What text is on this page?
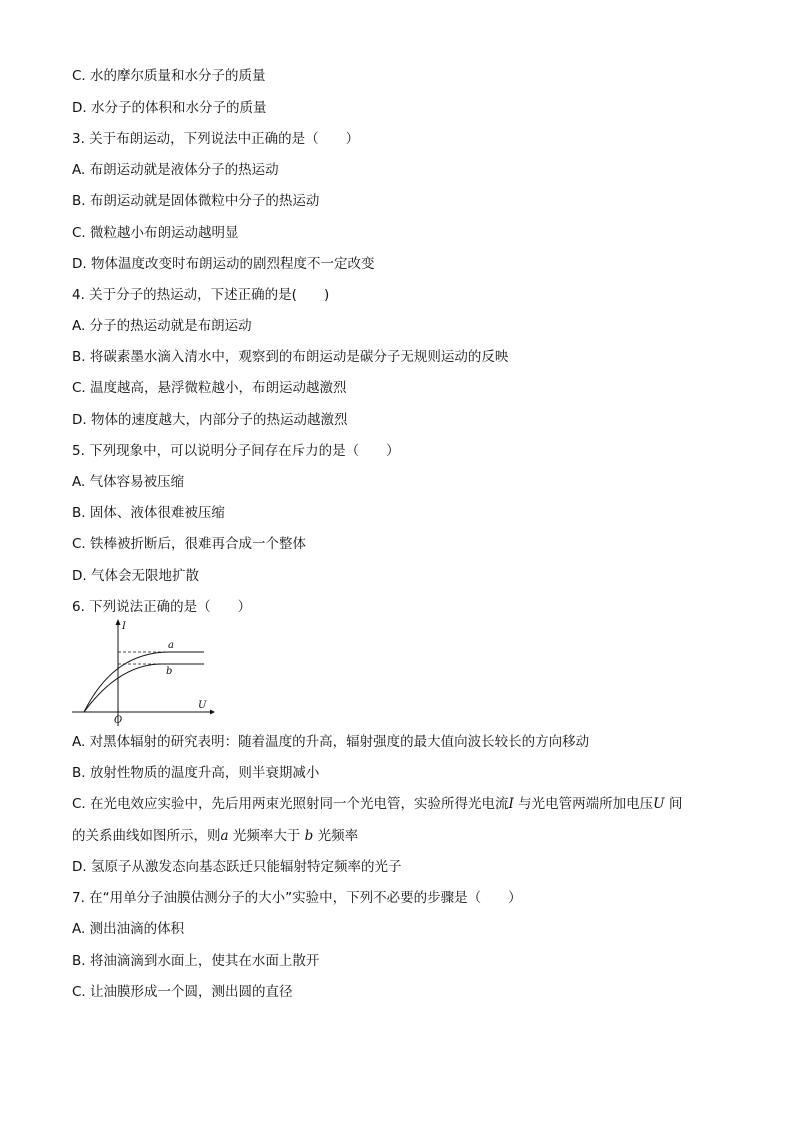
C. 水的摩尔质量和水分子的质量
D. 水分子的体积和水分子的质量
3. 关于布朗运动，下列说法中正确的是（　　）
A. 布朗运动就是液体分子的热运动
B. 布朗运动就是固体微粒中分子的热运动
C. 微粒越小布朗运动越明显
D. 物体温度改变时布朗运动的剧烈程度不一定改变
4. 关于分子的热运动，下述正确的是(　　)
A. 分子的热运动就是布朗运动
B. 将碳素墨水滴入清水中，观察到的布朗运动是碳分子无规则运动的反映
C. 温度越高，悬浮微粒越小，布朗运动越激烈
D. 物体的速度越大，内部分子的热运动越激烈
5. 下列现象中，可以说明分子间存在斥力的是（　　）
A. 气体容易被压缩
B. 固体、液体很难被压缩
C. 铁棒被折断后，很难再合成一个整体
D. 气体会无限地扩散
6. 下列说法正确的是（　　）
I
U
O
a
b
A. 对黑体辐射的研究表明：随着温度的升高，辐射强度的最大值向波长较长的方向移动
B. 放射性物质的温度升高，则半衰期减小
C. 在光电效应实验中，先后用两束光照射同一个光电管，实验所得光电流I 与光电管两端所加电压U 间
的关系曲线如图所示，则a 光频率大于 b 光频率
D. 氢原子从激发态向基态跃迁只能辐射特定频率的光子
7. 在“用单分子油膜估测分子的大小”实验中，下列不必要的步骤是（　　）
A. 测出油滴的体积
B. 将油滴滴到水面上，使其在水面上散开
C. 让油膜形成一个圆，测出圆的直径
